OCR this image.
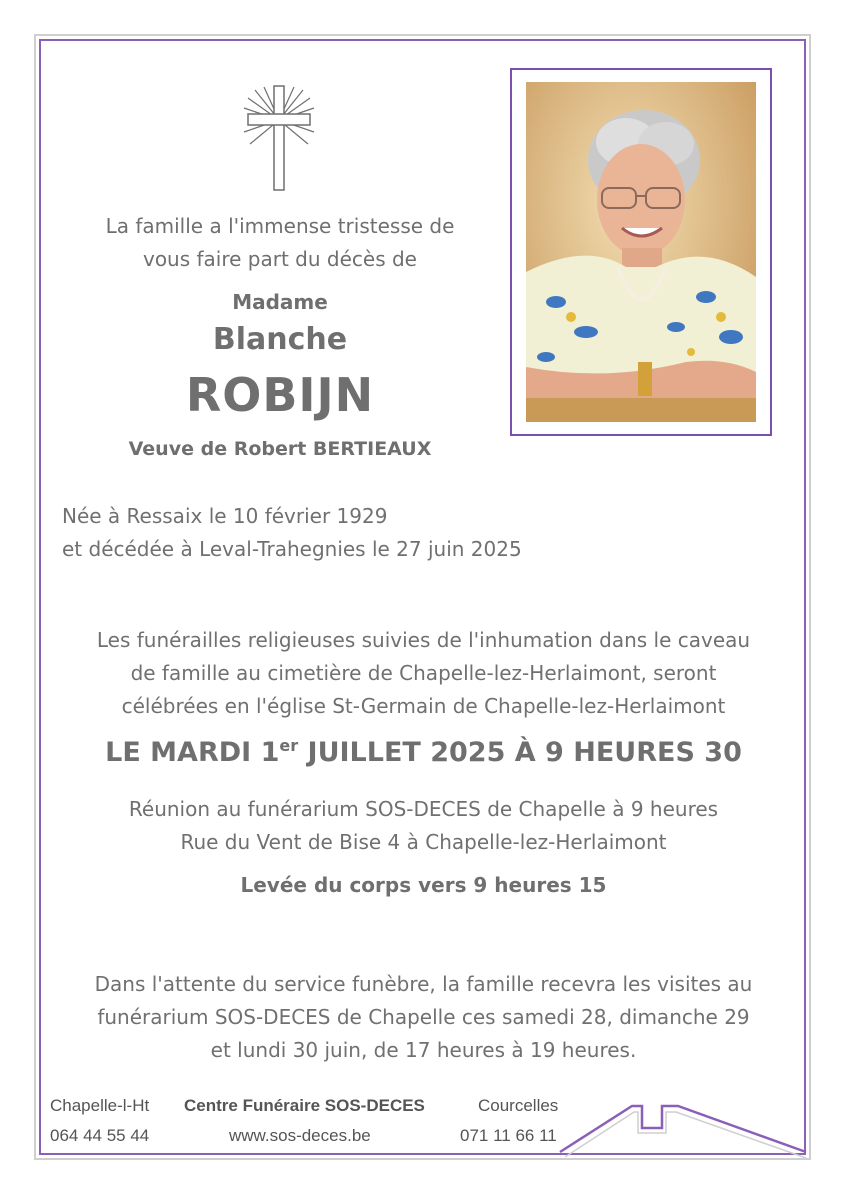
La famille a l'immense tristesse de
vous faire part du décès de
Madame
Blanche
ROBIJN
Veuve de Robert BERTIEAUX
Née à Ressaix le 10 février 1929
et décédée à Leval-Trahegnies le 27 juin 2025
Les funérailles religieuses suivies de l'inhumation dans le caveau
de famille au cimetière de Chapelle-lez-Herlaimont, seront
célébrées en l'église St-Germain de Chapelle-lez-Herlaimont
LE MARDI 1er JUILLET 2025 À 9 HEURES 30
Réunion au funérarium SOS-DECES de Chapelle à 9 heures
Rue du Vent de Bise 4 à Chapelle-lez-Herlaimont
Levée du corps vers 9 heures 15
Dans l'attente du service funèbre, la famille recevra les visites au
funérarium SOS-DECES de Chapelle ces samedi 28, dimanche 29
et lundi 30 juin, de 17 heures à 19 heures.
Chapelle-l-Ht
064 44 55 44
Centre Funéraire SOS-DECES
www.sos-deces.be
Courcelles
071 11 66 11
